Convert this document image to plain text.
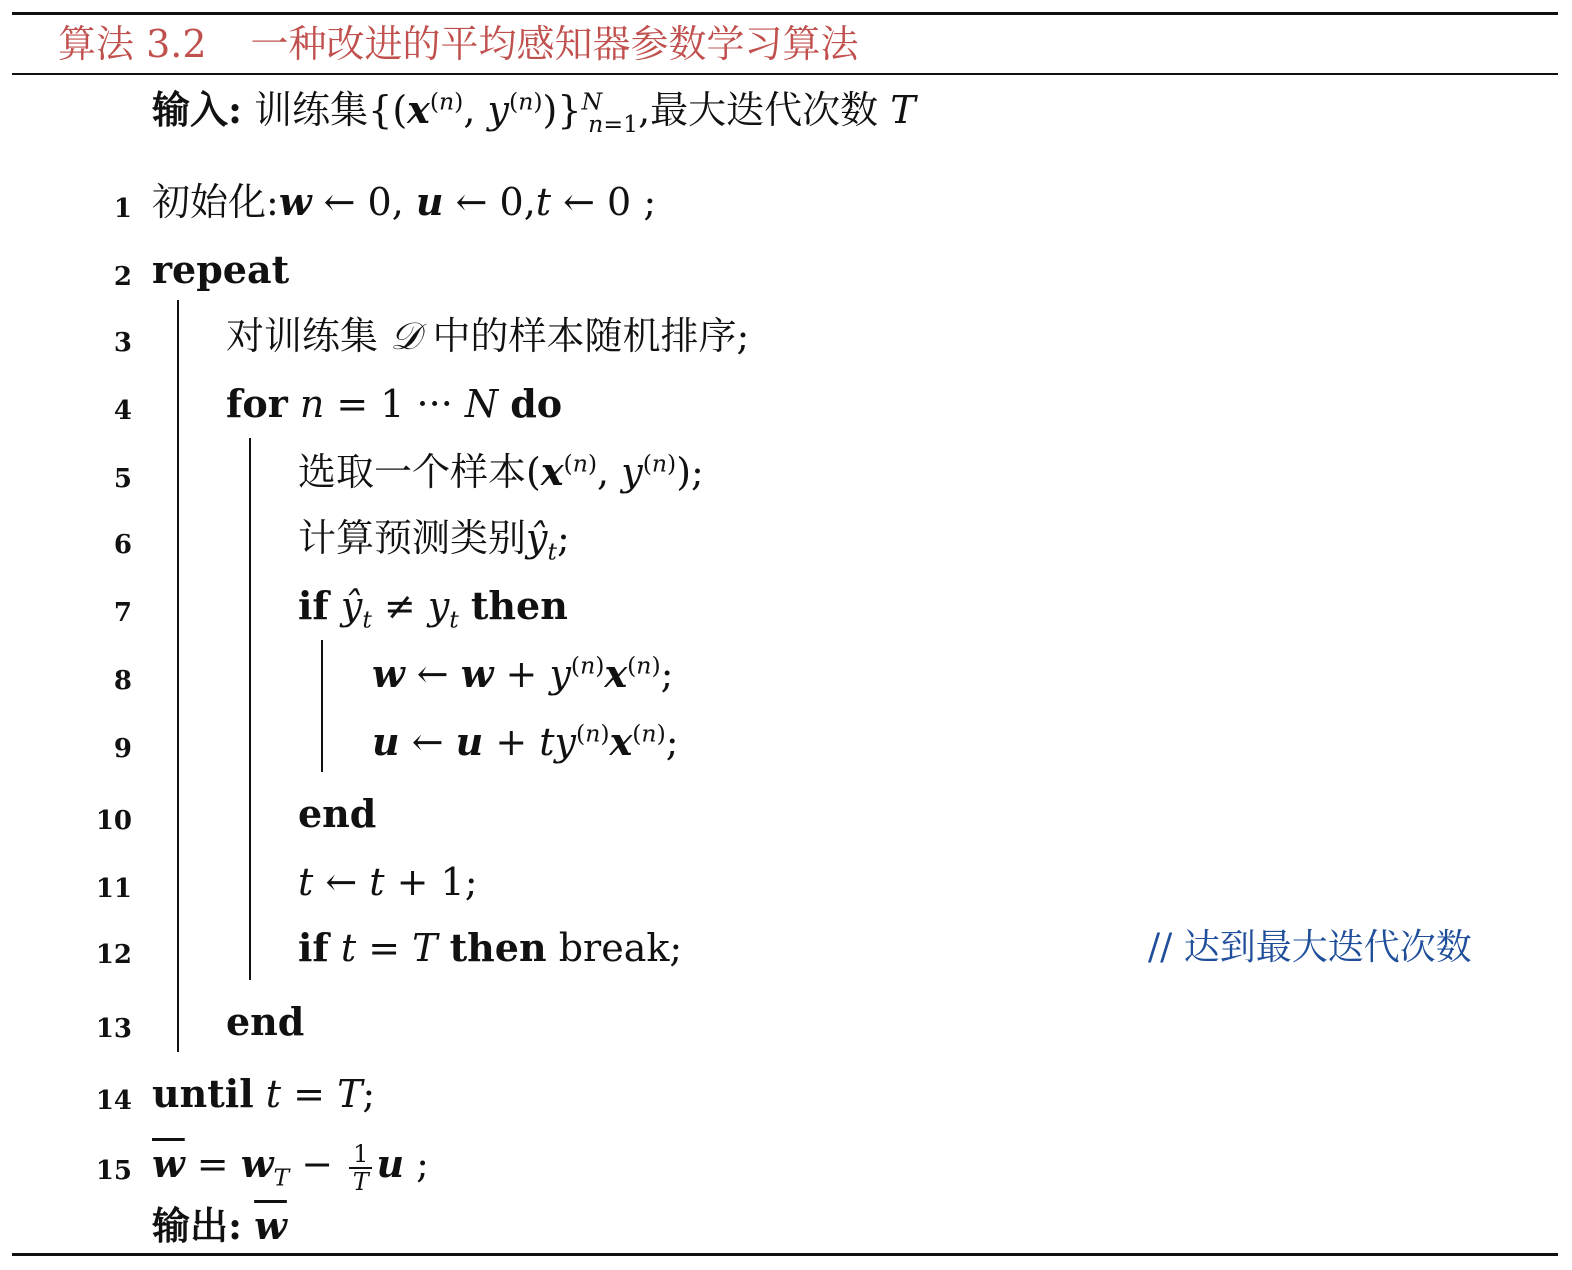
算法 3.2 一种改进的平均感知器参数学习算法
输入: 训练集{($x^{(n)}$, $y^{(n)})\}^N_{n=1}$,最大迭代次数 T
1 初始化:w ← 0, u ← 0,t ← 0 ;
2 repeat
3 对训练集 𝒟 中的样本随机排序;
4 for n = 1 ··· N do
5	选取一个样本($x^{(n)}$, $y^{(n)}$);
6	计算预测类别$ŷ_t$;
7	if $ŷ_t \ne y_t$ then
8	w ← $w + y^{(n)}x^{(n)}$;
9	u ← $u + ty^{(n)}x^{(n)}$;
10	end
11	t ← t + 1;
12	if t = T then break;	// 达到最大迭代次数
13 end
14 until t = T;
15 $\overline{w} = w_T - \frac{1}{T}$ u ;
输出: $\overline{w}$
